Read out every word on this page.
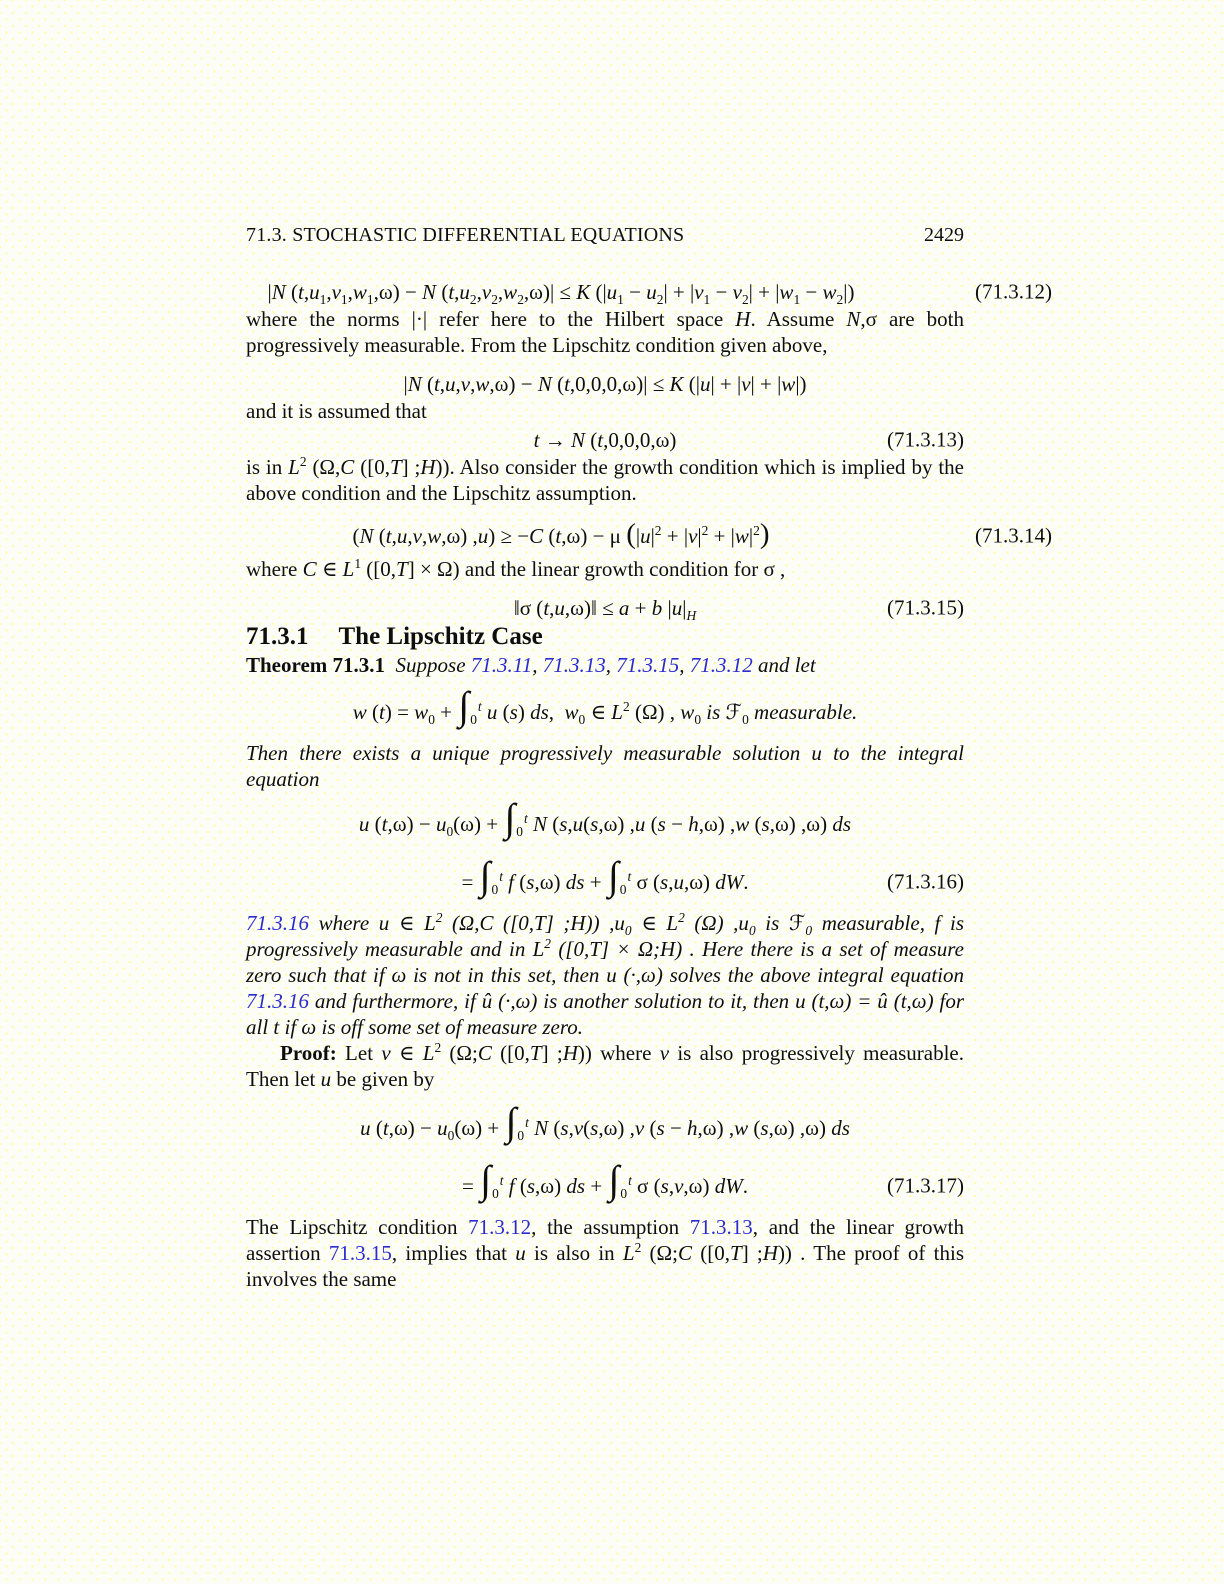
71.3. STOCHASTIC DIFFERENTIAL EQUATIONS	2429
|N $(t,u_1,v_1,w_1,\omega) - N$ $(t,u_2,v_2,w_2,\omega)| \le K$ $(|u_1 - u_2| + |v_1 - v_2| + |w_1 - w_2|)$	(71.3.12)

where the norms |·| refer here to the Hilbert space H. Assume N,σ are both progressively measurable. From the Lipschitz condition given above,

|N (t,u,v,w,ω) − N (t,0,0,0,ω)| ≤ K (|u| + |v| + |w|)

and it is assumed that

t → N (t,0,0,0,ω)	(71.3.13)

is in $L^2$ (Ω,C ([0,T] ;H)). Also consider the growth condition which is implied by the above condition and the Lipschitz assumption.

(N (t,u,v,w,ω) ,u) ≥ −C (t,ω) − μ $(|u|^2 + |v|^2 + |w|^2)$	(71.3.14)

where C ∈ $L^1$ ([0,T] × Ω) and the linear growth condition for σ ,

‖σ (t,u,ω)‖ ≤ a + b $|u|_H$	(71.3.15)
71.3.1 The Lipschitz Case

Theorem 71.3.1 Suppose 71.3.11, 71.3.13, 71.3.15, 71.3.12 and let

w $(t) = w_0 + \int_0^t$ u (s) ds,  $w_0$ ∈ $L^2$ (Ω) , $w_0$ is ℱ$_0$ measurable.

Then there exists a unique progressively measurable solution u to the integral equation

u $(t,\omega) - u_0(\omega) + \int_0^t$ N (s,u(s,ω) ,u (s − h,ω) ,w (s,ω) ,ω) ds
= $\int_0^t$ f (s,ω) ds + $\int_0^t$ σ (s,u,ω) dW.	(71.3.16)

71.3.16 where u ∈ $L^2$ (Ω,C ([0,T] ;H)) $,u_0$ ∈ $L^2$ (Ω) $,u_0$ is ℱ$_0$ measurable, f is progressively measurable and in $L^2$ ([0,T] × Ω;H) . Here there is a set of measure zero such that if ω is not in this set, then u (·,ω) solves the above integral equation 71.3.16 and furthermore, if û (·,ω) is another solution to it, then u (t,ω) = û (t,ω) for all t if ω is off some set of measure zero.

Proof: Let v ∈ $L^2$ (Ω;C ([0,T] ;H)) where v is also progressively measurable. Then let u be given by

u $(t,\omega) - u_0(\omega) + \int_0^t$ N (s,v(s,ω) ,v (s − h,ω) ,w (s,ω) ,ω) ds
= $\int_0^t$ f (s,ω) ds + $\int_0^t$ σ (s,v,ω) dW.	(71.3.17)

The Lipschitz condition 71.3.12, the assumption 71.3.13, and the linear growth assertion 71.3.15, implies that u is also in $L^2$ (Ω;C ([0,T] ;H)) . The proof of this involves the same
